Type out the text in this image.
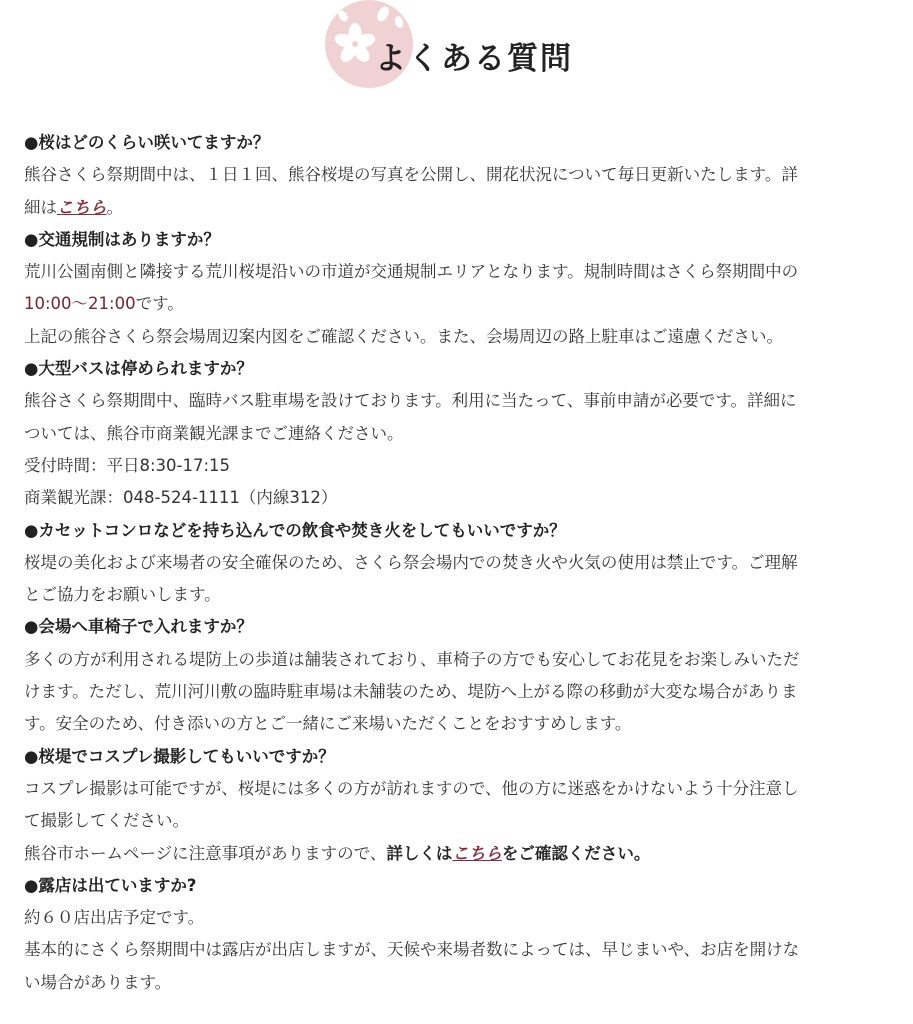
よくある質問

●桜はどのくらい咲いてますか？

熊谷さくら祭期間中は、１日１回、熊谷桜堤の写真を公開し、開花状況について毎日更新いたします。詳

細はこちら。

●交通規制はありますか？

荒川公園南側と隣接する荒川桜堤沿いの市道が交通規制エリアとなります。規制時間はさくら祭期間中の

10:00〜21:00です。

上記の熊谷さくら祭会場周辺案内図をご確認ください。また、会場周辺の路上駐車はご遠慮ください。

●大型バスは停められますか？

熊谷さくら祭期間中、臨時バス駐車場を設けております。利用に当たって、事前申請が必要です。詳細に

ついては、熊谷市商業観光課までご連絡ください。

受付時間：平日8:30-17:15

商業観光課：048-524-1111（内線312）

●カセットコンロなどを持ち込んでの飲食や焚き火をしてもいいですか？

桜堤の美化および来場者の安全確保のため、さくら祭会場内での焚き火や火気の使用は禁止です。ご理解

とご協力をお願いします。

●会場へ車椅子で入れますか？

多くの方が利用される堤防上の歩道は舗装されており、車椅子の方でも安心してお花見をお楽しみいただ

けます。ただし、荒川河川敷の臨時駐車場は未舗装のため、堤防へ上がる際の移動が大変な場合がありま

す。安全のため、付き添いの方とご一緒にご来場いただくことをおすすめします。

●桜堤でコスプレ撮影してもいいですか？

コスプレ撮影は可能ですが、桜堤には多くの方が訪れますので、他の方に迷惑をかけないよう十分注意し

て撮影してください。

熊谷市ホームページに注意事項がありますので、詳しくはこちらをご確認ください。

●露店は出ていますか?

約６０店出店予定です。

基本的にさくら祭期間中は露店が出店しますが、天候や来場者数によっては、早じまいや、お店を開けな

い場合があります。
